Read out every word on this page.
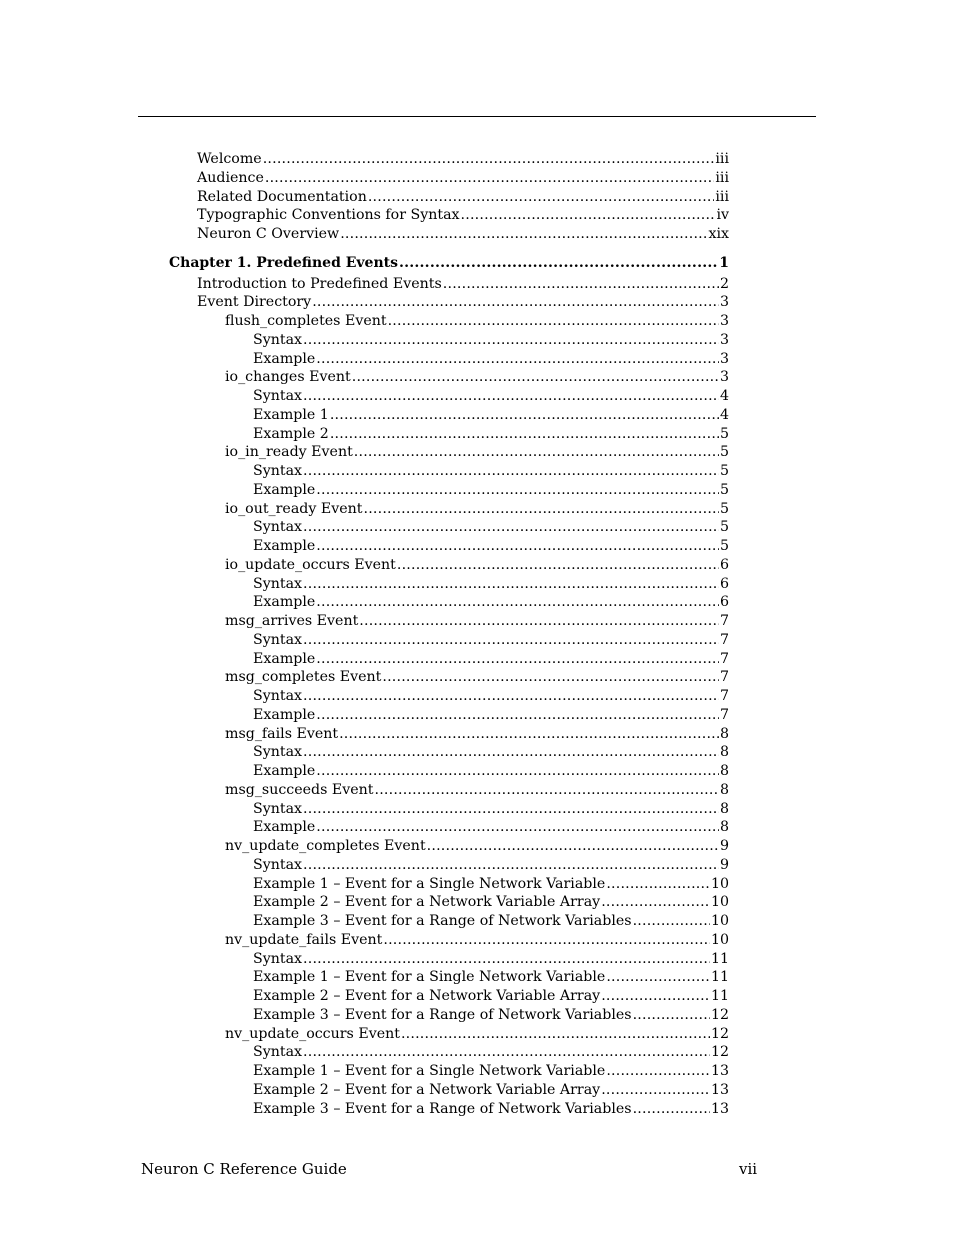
Welcome .....	iii
Audience .....	iii
Related Documentation .....	iii
Typographic Conventions for Syntax .....	iv
Neuron C Overview .....	xix
Chapter 1. Predefined Events .....	1
Introduction to Predefined Events .....	2
Event Directory .....	3
flush_completes Event .....	3
Syntax .....	3
Example .....	3
io_changes Event .....	3
Syntax .....	4
Example 1 .....	4
Example 2 .....	5
io_in_ready Event .....	5
Syntax .....	5
Example .....	5
io_out_ready Event .....	5
Syntax .....	5
Example .....	5
io_update_occurs Event .....	6
Syntax .....	6
Example .....	6
msg_arrives Event .....	7
Syntax .....	7
Example .....	7
msg_completes Event .....	7
Syntax .....	7
Example .....	7
msg_fails Event .....	8
Syntax .....	8
Example .....	8
msg_succeeds Event .....	8
Syntax .....	8
Example .....	8
nv_update_completes Event .....	9
Syntax .....	9
Example 1 – Event for a Single Network Variable .....	10
Example 2 – Event for a Network Variable Array .....	10
Example 3 – Event for a Range of Network Variables .....	10
nv_update_fails Event .....	10
Syntax .....	11
Example 1 – Event for a Single Network Variable .....	11
Example 2 – Event for a Network Variable Array .....	11
Example 3 – Event for a Range of Network Variables .....	12
nv_update_occurs Event .....	12
Syntax .....	12
Example 1 – Event for a Single Network Variable .....	13
Example 2 – Event for a Network Variable Array .....	13
Example 3 – Event for a Range of Network Variables .....	13
Neuron C Reference Guide	vii
